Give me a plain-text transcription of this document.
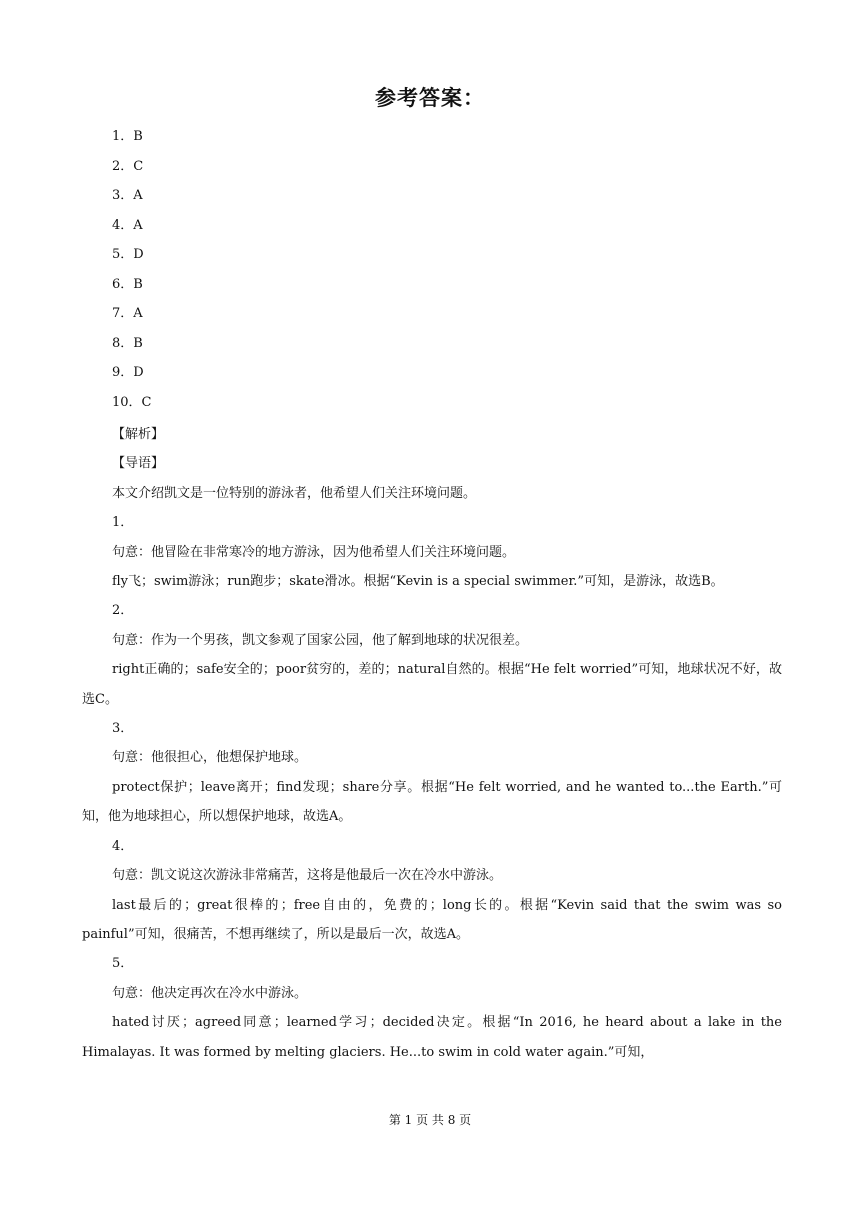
参考答案：
1．B
2．C
3．A
4．A
5．D
6．B
7．A
8．B
9．D
10．C

【解析】

【导语】

本文介绍凯文是一位特别的游泳者，他希望人们关注环境问题。

1．

句意：他冒险在非常寒冷的地方游泳，因为他希望人们关注环境问题。

fly飞；swim游泳；run跑步；skate滑冰。根据“Kevin is a special swimmer.”可知，是游泳，故选B。

2．

句意：作为一个男孩，凯文参观了国家公园，他了解到地球的状况很差。

right正确的；safe安全的；poor贫穷的，差的；natural自然的。根据“He felt worried”可知，地球状况不好，故选C。

3．

句意：他很担心，他想保护地球。

protect保护；leave离开；find发现；share分享。根据“He felt worried, and he wanted to...the Earth.”可知，他为地球担心，所以想保护地球，故选A。

4．

句意：凯文说这次游泳非常痛苦，这将是他最后一次在冷水中游泳。

last最后的；great很棒的；free自由的，免费的；long长的。根据“Kevin said that the swim was so painful”可知，很痛苦，不想再继续了，所以是最后一次，故选A。

5．

句意：他决定再次在冷水中游泳。

hated讨厌；agreed同意；learned学习；decided决定。根据“In 2016, he heard about a lake in the Himalayas. It was formed by melting glaciers. He...to swim in cold water again.”可知，

第 1 页 共 8 页
